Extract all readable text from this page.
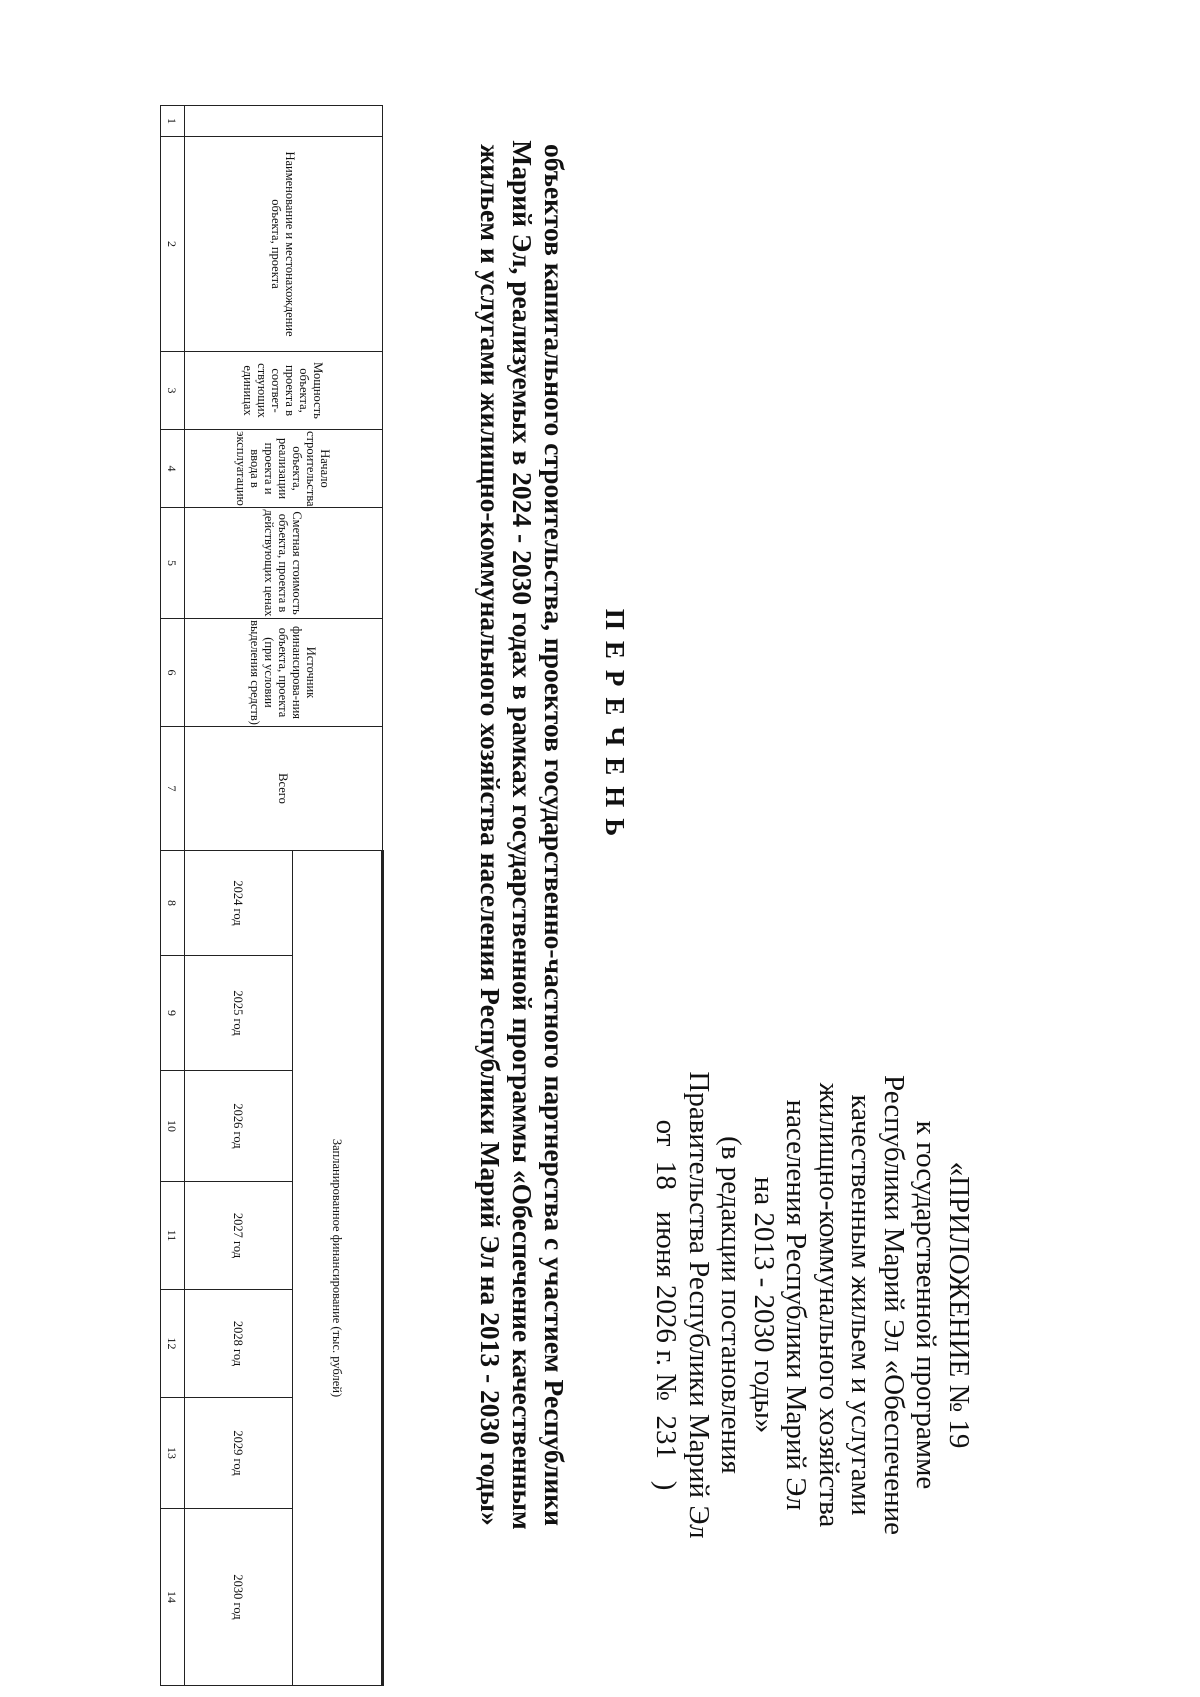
«ПРИЛОЖЕНИЕ № 19
к государственной программе
Республики Марий Эл «Обеспечение
качественным жильем и услугами
жилищно-коммунального хозяйства
населения Республики Марий Эл
на 2013 - 2030 годы»
(в редакции постановления
Правительства Республики Марий Эл
от  18   июня 2026 г. №  231   )
ПЕРЕЧЕНЬ
объектов капитального строительства, проектов государственно-частного партнерства с участием Республики
Марий Эл, реализуемых в 2024 - 2030 годах в рамках государственной программы «Обеспечение качественным
жильем и услугами жилищно-коммунального хозяйства населения Республики Марий Эл на 2013 - 2030 годы»
	Наименование и местонахождение объекта, проекта	Мощность объекта, проекта в соответ-ствующих единицах	Начало строительства объекта, реализации проекта и ввода в эксплуатацию	Сметная стоимость объекта, проекта в действующих ценах	Источник финансирова-ния объекта, проекта (при условии выделения средств)	Всего	Запланированное финансирование (тыс. рублей)						
							2024 год	2025 год	2026 год	2027 год	2028 год	2029 год	2030 год
1	2	3	4	5	6	7	8	9	10	11	12	13	14
